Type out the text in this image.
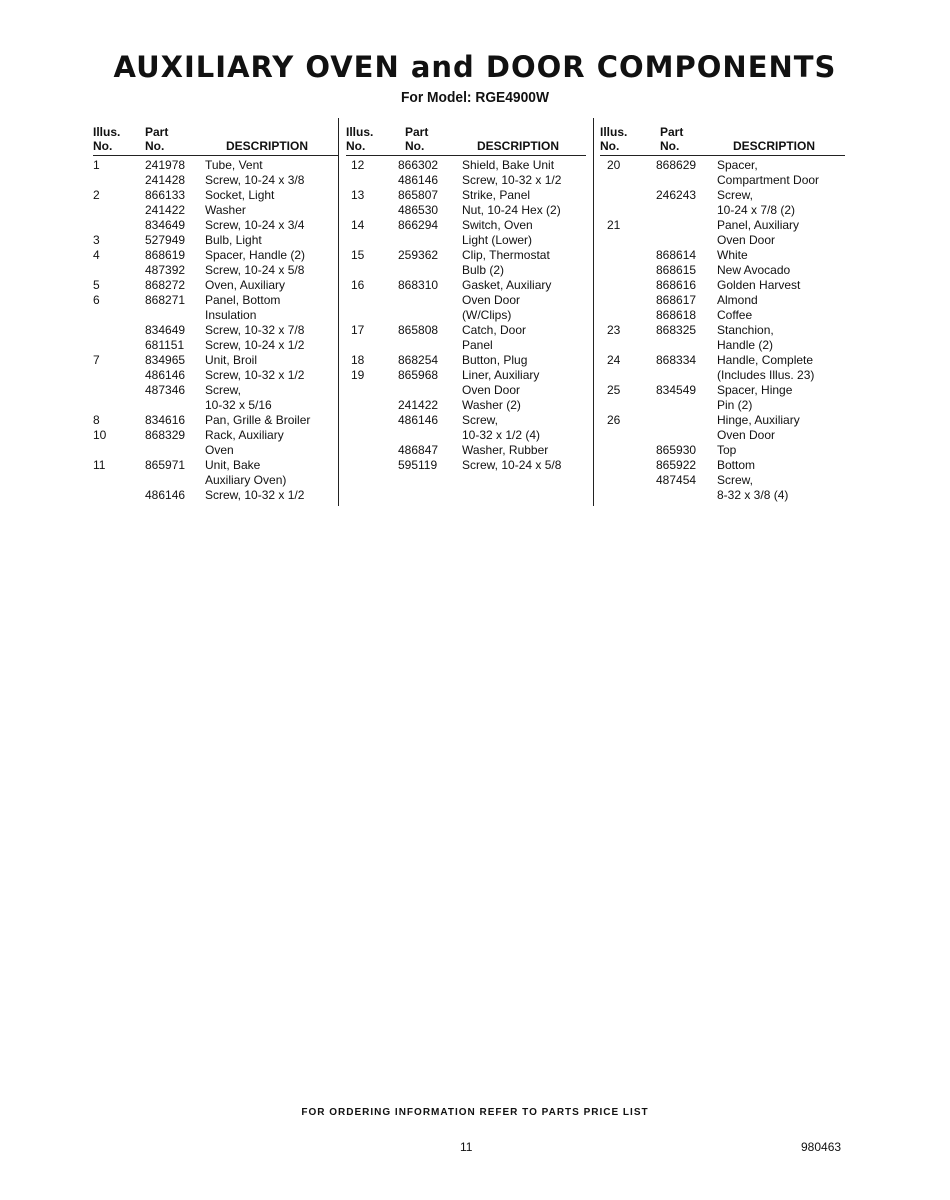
AUXILIARY OVEN and DOOR COMPONENTS
For Model: RGE4900W
Illus.
No.
Part
No.	DESCRIPTION
1	241978 Tube, Vent
241428 Screw, 10-24 x 3/8
2	866133 Socket, Light
241422 Washer
834649 Screw, 10-24 x 3/4
3	527949 Bulb, Light
4	868619 Spacer, Handle (2)
487392 Screw, 10-24 x 5/8
5	868272 Oven, Auxiliary
6	868271 Panel, Bottom
Insulation
834649 Screw, 10-32 x 7/8
681151 Screw, 10-24 x 1/2
7	834965 Unit, Broil
486146 Screw, 10-32 x 1/2
487346 Screw,
10-32 x 5/16
8	834616 Pan, Grille & Broiler
10	868329 Rack, Auxiliary
Oven
11	865971 Unit, Bake
Auxiliary Oven)
486146 Screw, 10-32 x 1/2
Illus.
No.
Part
No.	DESCRIPTION
12	866302 Shield, Bake Unit
486146 Screw, 10-32 x 1/2
13	865807 Strike, Panel
486530 Nut, 10-24 Hex (2)
14	866294 Switch, Oven
Light (Lower)
15	259362 Clip, Thermostat
Bulb (2)
16	868310 Gasket, Auxiliary
Oven Door
(W/Clips)
17	865808 Catch, Door
Panel
18	868254 Button, Plug
19	865968 Liner, Auxiliary
Oven Door
241422 Washer (2)
486146 Screw,
10-32 x 1/2 (4)
486847 Washer, Rubber
595119 Screw, 10-24 x 5/8
Illus.
No.
Part
No.	DESCRIPTION
20	868629 Spacer,
Compartment Door
246243 Screw,
10-24 x 7/8 (2)
21	Panel, Auxiliary
Oven Door
868614 White
868615 New Avocado
868616 Golden Harvest
868617 Almond
868618 Coffee
23	868325 Stanchion,
Handle (2)
24	868334 Handle, Complete
(Includes Illus. 23)
25	834549 Spacer, Hinge
Pin (2)
26	Hinge, Auxiliary
Oven Door
865930 Top
865922 Bottom
487454 Screw,
8-32 x 3/8 (4)
FOR ORDERING INFORMATION REFER TO PARTS PRICE LIST
11	980463
